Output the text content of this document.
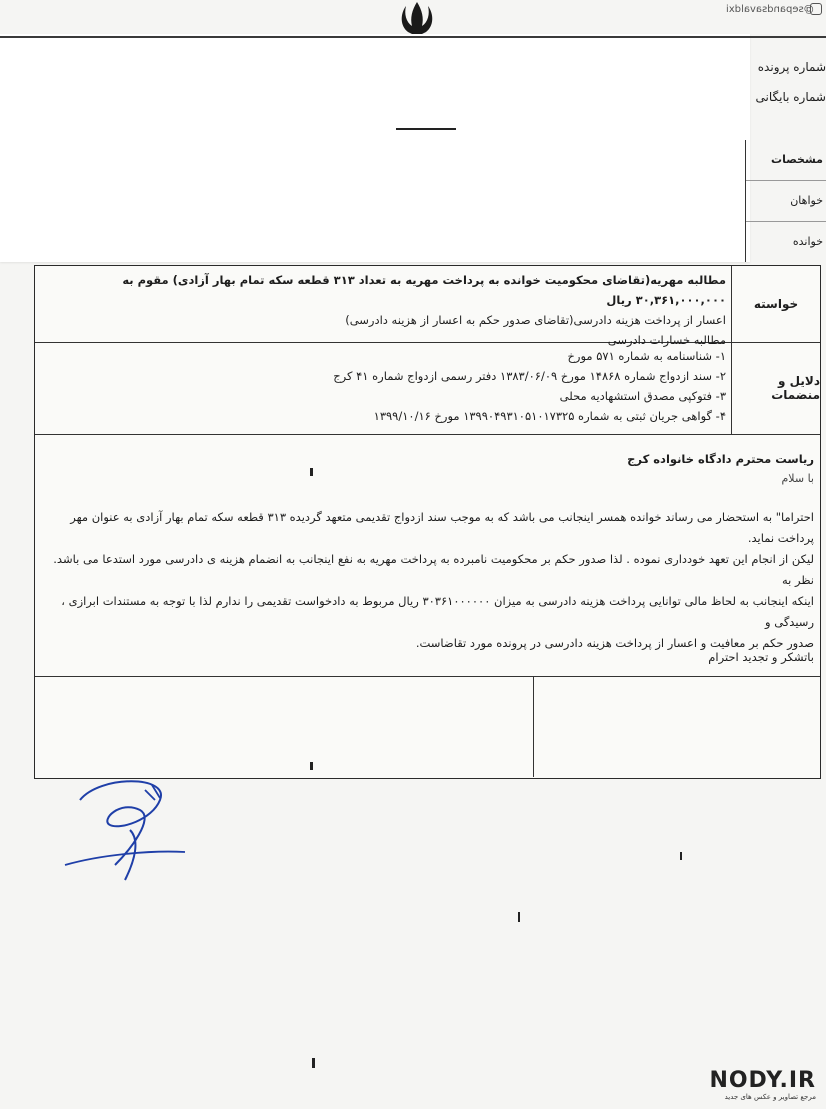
@sepandsavaldxi
شماره پرونده
شماره بایگانی
مشخصات
خواهان
خوانده
خواسته
مطالبه مهریه(تقاضای محکومیت خوانده به پرداخت مهریه به تعداد ۳۱۳ قطعه سکه تمام بهار آزادی) مقوم به ۳۰,۳۶۱,۰۰۰,۰۰۰ ریال
اعسار از پرداخت هزینه دادرسی(تقاضای صدور حکم به اعسار از هزینه دادرسی)
مطالبه خسارات دادرسی
دلایل و منضمات
۱- شناسنامه به شماره ۵۷۱ مورخ
۲- سند ازدواج شماره ۱۴۸۶۸ مورخ ۱۳۸۳/۰۶/۰۹ دفتر رسمی ازدواج شماره ۴۱ کرج
۳- فتوکپی مصدق استشهادیه محلی
۴- گواهی جریان ثبتی به شماره ۱۳۹۹۰۴۹۳۱۰۵۱۰۱۷۳۲۵ مورخ ۱۳۹۹/۱۰/۱۶
ریاست محترم دادگاه خانواده کرج
با سلام
احتراما" به استحضار می رساند خوانده همسر اینجانب می باشد که به موجب سند ازدواج تقدیمی متعهد گردیده ۳۱۳ قطعه سکه تمام بهار آزادی به عنوان مهر پرداخت نماید.
لیکن از انجام این تعهد خودداری نموده . لذا صدور حکم بر محکومیت نامبرده به پرداخت مهریه به نفع اینجانب به انضمام هزینه ی دادرسی مورد استدعا می باشد. نظر به
اینکه اینجانب به لحاظ مالی توانایی پرداخت هزینه دادرسی به میزان ۳۰۳۶۱۰۰۰۰۰۰ ریال مربوط به دادخواست تقدیمی را ندارم لذا با توجه به مستندات ابرازی ، رسیدگی و
صدور حکم بر معافیت و اعسار از پرداخت هزینه دادرسی در پرونده مورد تقاضاست.
باتشکر و تجدید احترام
NODY.IR
مرجع تصاویر و عکس های جدید
